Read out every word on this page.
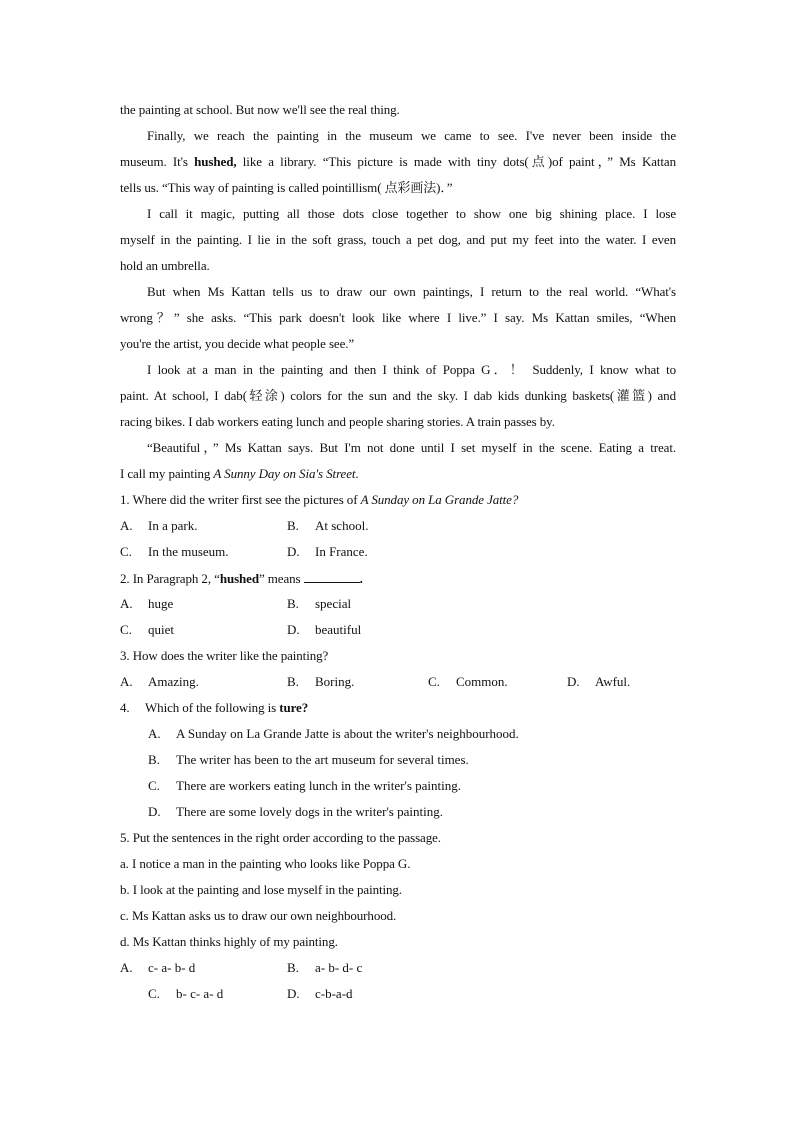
the painting at school. But now we'll see the real thing.
Finally, we reach the painting in the museum we came to see. I've never been inside the
museum. It's hushed, like a library. “This picture is made with tiny dots(点)of paint，” Ms Kattan
tells us. “This way of painting is called pointillism( 点彩画法)．”
I call it magic, putting all those dots close together to show one big shining place. I lose
myself in the painting. I lie in the soft grass, touch a pet dog, and put my feet into the water. I even
hold an umbrella.
But when Ms Kattan tells us to draw our own paintings, I return to the real world. “What's
wrong？” she asks. “This park doesn't look like where I live.” I say. Ms Kattan smiles, “When
you're the artist, you decide what people see.”
I look at a man in the painting and then I think of Poppa G．！ Suddenly, I know what to
paint. At school, I dab(轻涂) colors for the sun and the sky. I dab kids dunking baskets(灌篮) and
racing bikes. I dab workers eating lunch and people sharing stories. A train passes by.
“Beautiful，” Ms Kattan says. But I'm not done until I set myself in the scene. Eating a treat.
I call my painting A Sunny Day on Sia's Street.
1. Where did the writer first see the pictures of A Sunday on La Grande Jatte?
A. In a park.	B. At school.
C. In the museum.	D. In France.
2. In Paragraph 2, “hushed” means	.
A. huge	B. special
C. quiet	D. beautiful
3. How does the writer like the painting?
A. Amazing.	B. Boring.	C. Common.	D. Awful.
4. Which of the following is ture?
A. A Sunday on La Grande Jatte is about the writer's neighbourhood.
B. The writer has been to the art museum for several times.
C. There are workers eating lunch in the writer's painting.
D. There are some lovely dogs in the writer's painting.
5. Put the sentences in the right order according to the passage.
a. I notice a man in the painting who looks like Poppa G.
b. I look at the painting and lose myself in the painting.
c. Ms Kattan asks us to draw our own neighbourhood.
d. Ms Kattan thinks highly of my painting.
A. c- a- b- d	B. a- b- d- c
C. b- c- a- d	D. c-b-a-d
